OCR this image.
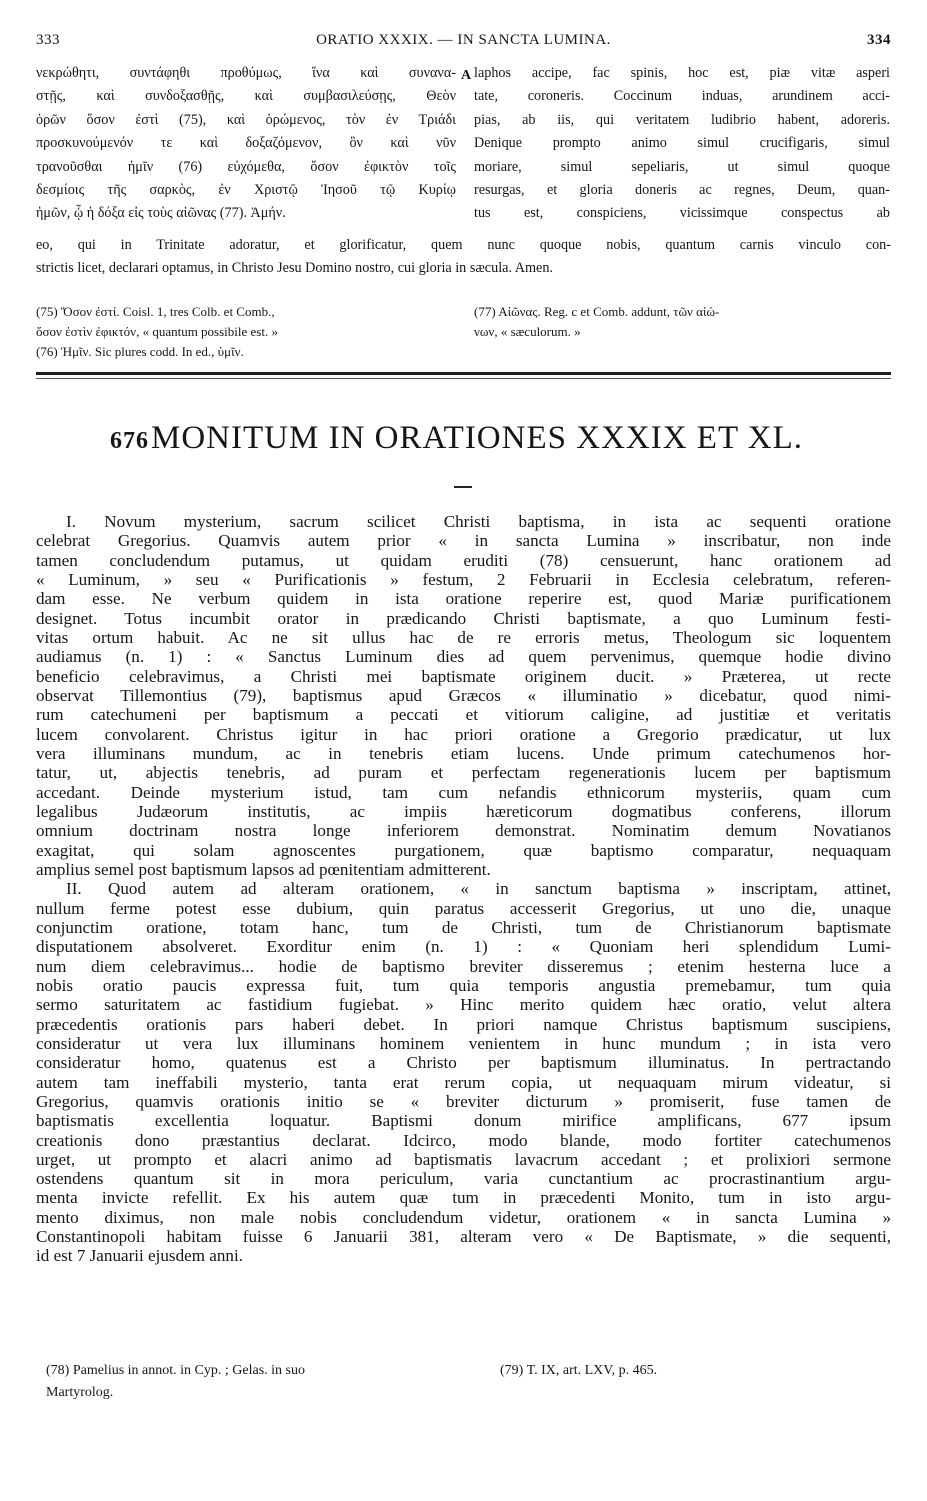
333	ORATIO XXXIX. — IN SANCTA LUMINA.	334
νεκρώθητι, συντάφηθι προθύμως, ἵνα καὶ συνανα-
στῇς, καὶ συνδοξασθῇς, καὶ συμβασιλεύσῃς, Θεὸν
ὁρῶν ὅσον ἐστὶ (75), καὶ ὁρώμενος, τὸν ἐν Τριάδι
προσκυνούμενόν τε καὶ δοξαζόμενον, ὃν καὶ νῦν
τρανοῦσθαι ἡμῖν (76) εὐχόμεθα, ὅσον ἐφικτὸν τοῖς
δεσμίοις τῆς σαρκὸς, ἐν Χριστῷ Ἰησοῦ τῷ Κυρίῳ
ἡμῶν, ᾧ ἡ δόξα εἰς τοὺς αἰῶνας (77). Ἀμήν.
A laphos accipe, fac spinis, hoc est, piæ vitæ asperi
tate, coroneris. Coccinum induas, arundinem acci-
pias, ab iis, qui veritatem ludibrio habent, adoreris.
Denique prompto animo simul crucifigaris, simul
moriare, simul sepeliaris, ut simul quoque
resurgas, et gloria doneris ac regnes, Deum, quan-
tus est, conspiciens, vicissimque conspectus ab
eo, qui in Trinitate adoratur, et glorificatur, quem nunc quoque nobis, quantum carnis vinculo con-
strictis licet, declarari optamus, in Christo Jesu Domino nostro, cui gloria in sæcula. Amen.
(75) Ὅσον ἐστί. Coisl. 1, tres Colb. et Comb.,
ὅσον ἐστὶν ἐφικτόν, « quantum possibile est. »
(76) Ἡμῖν. Sic plures codd. In ed., ὑμῖν.
(77) Αἰῶνας. Reg. c et Comb. addunt, τῶν αἰώ-
νων, « sæculorum. »
676MONITUM IN ORATIONES XXXIX ET XL.
I. Novum mysterium, sacrum scilicet Christi baptisma, in ista ac sequenti oratione
celebrat Gregorius. Quamvis autem prior « in sancta Lumina » inscribatur, non inde
tamen concludendum putamus, ut quidam eruditi (78) censuerunt, hanc orationem ad
« Luminum, » seu « Purificationis » festum, 2 Februarii in Ecclesia celebratum, referen-
dam esse. Ne verbum quidem in ista oratione reperire est, quod Mariæ purificationem
designet. Totus incumbit orator in prædicando Christi baptismate, a quo Luminum festi-
vitas ortum habuit. Ac ne sit ullus hac de re erroris metus, Theologum sic loquentem
audiamus (n. 1) : « Sanctus Luminum dies ad quem pervenimus, quemque hodie divino
beneficio celebravimus, a Christi mei baptismate originem ducit. » Præterea, ut recte
observat Tillemontius (79), baptismus apud Græcos « illuminatio » dicebatur, quod nimi-
rum catechumeni per baptismum a peccati et vitiorum caligine, ad justitiæ et veritatis
lucem convolarent. Christus igitur in hac priori oratione a Gregorio prædicatur, ut lux
vera illuminans mundum, ac in tenebris etiam lucens. Unde primum catechumenos hor-
tatur, ut, abjectis tenebris, ad puram et perfectam regenerationis lucem per baptismum
accedant. Deinde mysterium istud, tam cum nefandis ethnicorum mysteriis, quam cum
legalibus Judæorum institutis, ac impiis hæreticorum dogmatibus conferens, illorum
omnium doctrinam nostra longe inferiorem demonstrat. Nominatim demum Novatianos
exagitat, qui solam agnoscentes purgationem, quæ baptismo comparatur, nequaquam
amplius semel post baptismum lapsos ad pœnitentiam admitterent.
II. Quod autem ad alteram orationem, « in sanctum baptisma » inscriptam, attinet,
nullum ferme potest esse dubium, quin paratus accesserit Gregorius, ut uno die, unaque
conjunctim oratione, totam hanc, tum de Christi, tum de Christianorum baptismate
disputationem absolveret. Exorditur enim (n. 1) : « Quoniam heri splendidum Lumi-
num diem celebravimus... hodie de baptismo breviter disseremus ; etenim hesterna luce a
nobis oratio paucis expressa fuit, tum quia temporis angustia premebamur, tum quia
sermo saturitatem ac fastidium fugiebat. » Hinc merito quidem hæc oratio, velut altera
præcedentis orationis pars haberi debet. In priori namque Christus baptismum suscipiens,
consideratur ut vera lux illuminans hominem venientem in hunc mundum ; in ista vero
consideratur homo, quatenus est a Christo per baptismum illuminatus. In pertractando
autem tam ineffabili mysterio, tanta erat rerum copia, ut nequaquam mirum videatur, si
Gregorius, quamvis orationis initio se « breviter dicturum » promiserit, fuse tamen de
baptismatis excellentia loquatur. Baptismi donum mirifice amplificans, 677 ipsum
creationis dono præstantius declarat. Idcirco, modo blande, modo fortiter catechumenos
urget, ut prompto et alacri animo ad baptismatis lavacrum accedant ; et prolixiori sermone
ostendens quantum sit in mora periculum, varia cunctantium ac procrastinantium argu-
menta invicte refellit. Ex his autem quæ tum in præcedenti Monito, tum in isto argu-
mento diximus, non male nobis concludendum videtur, orationem « in sancta Lumina »
Constantinopoli habitam fuisse 6 Januarii 381, alteram vero « De Baptismate, » die sequenti,
id est 7 Januarii ejusdem anni.
(78) Pamelius in annot. in Cyp. ; Gelas. in suo
Martyrolog.
(79) T. IX, art. LXV, p. 465.
